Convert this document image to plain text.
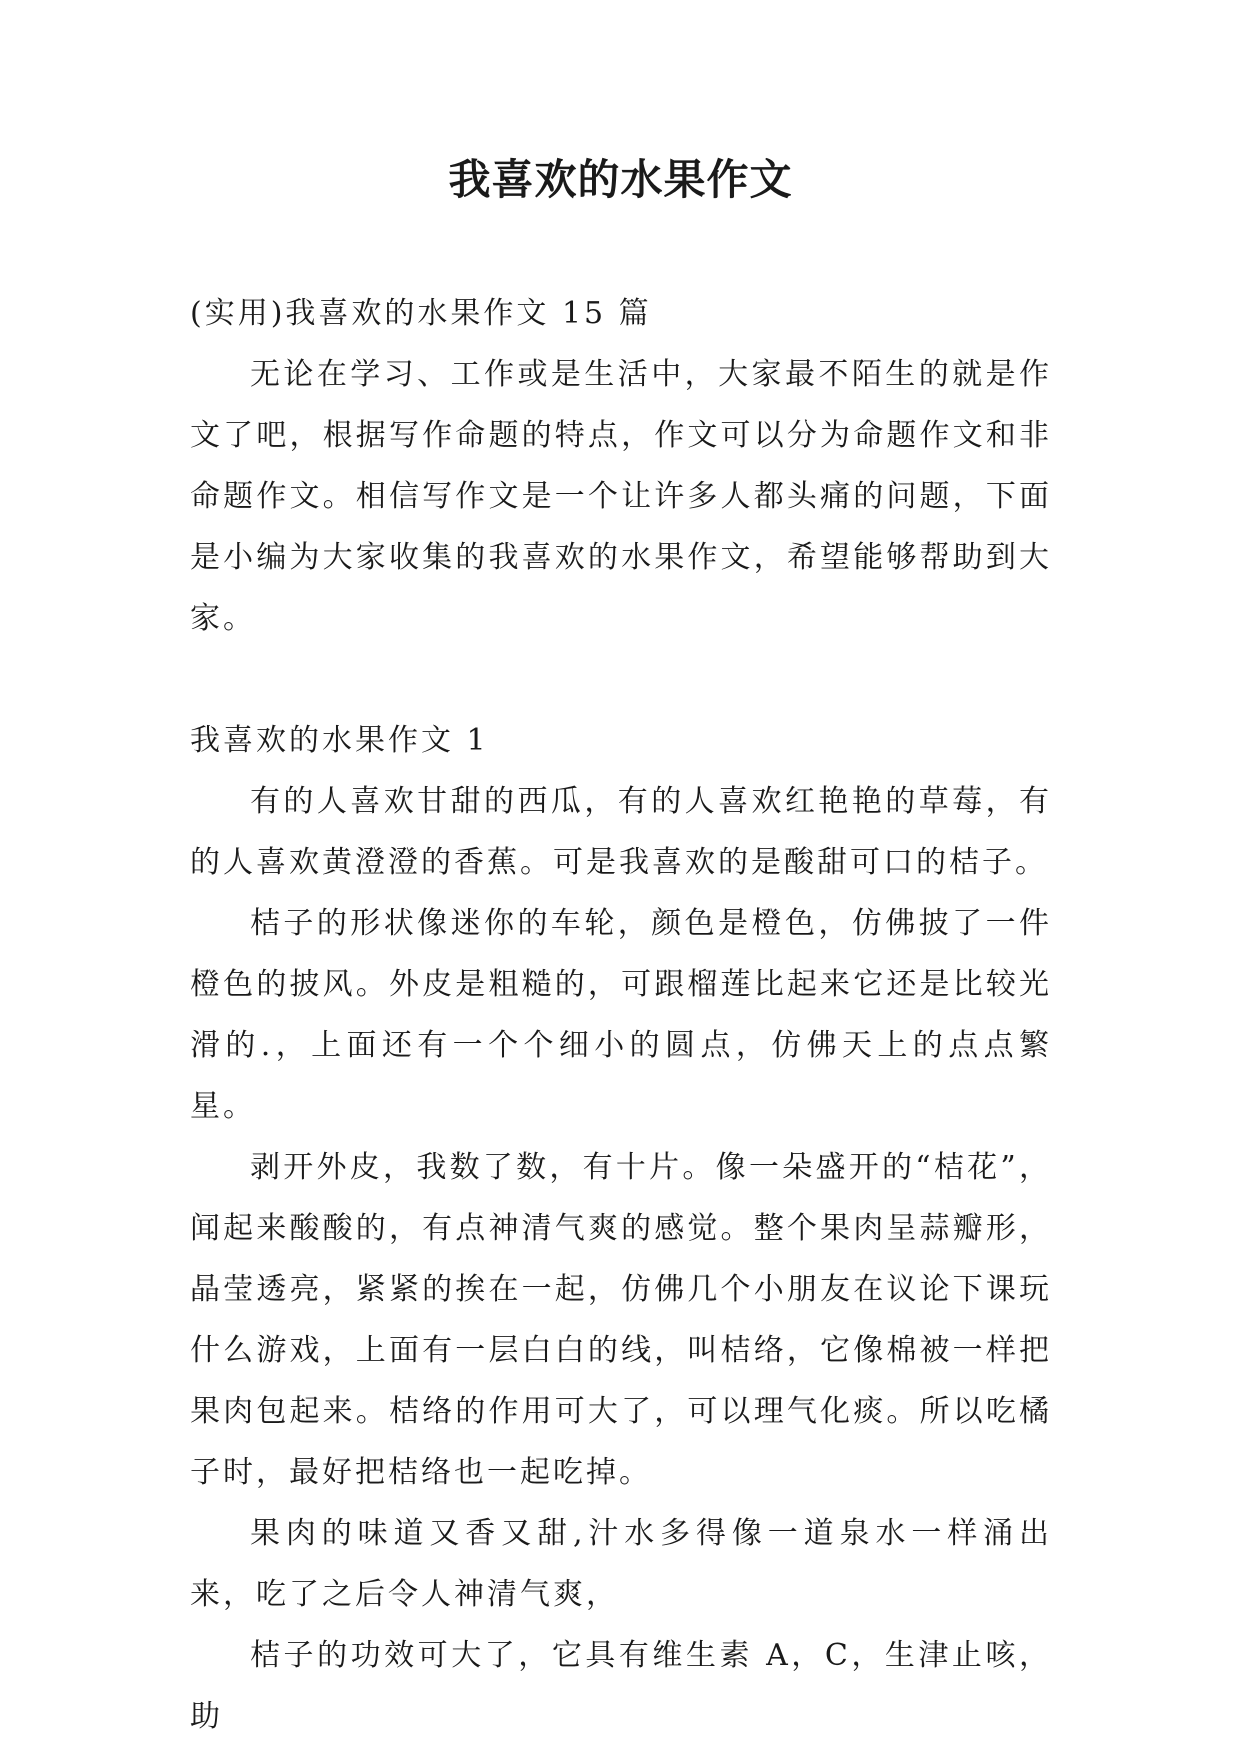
我喜欢的水果作文

(实用)我喜欢的水果作文 15 篇

无论在学习、工作或是生活中，大家最不陌生的就是作文了吧，根据写作命题的特点，作文可以分为命题作文和非命题作文。相信写作文是一个让许多人都头痛的问题，下面是小编为大家收集的我喜欢的水果作文，希望能够帮助到大家。

我喜欢的水果作文 1

有的人喜欢甘甜的西瓜，有的人喜欢红艳艳的草莓，有的人喜欢黄澄澄的香蕉。可是我喜欢的是酸甜可口的桔子。

桔子的形状像迷你的车轮，颜色是橙色，仿佛披了一件橙色的披风。外皮是粗糙的，可跟榴莲比起来它还是比较光滑的.，上面还有一个个细小的圆点，仿佛天上的点点繁星。

剥开外皮，我数了数，有十片。像一朵盛开的“桔花”，闻起来酸酸的，有点神清气爽的感觉。整个果肉呈蒜瓣形，晶莹透亮，紧紧的挨在一起，仿佛几个小朋友在议论下课玩什么游戏，上面有一层白白的线，叫桔络，它像棉被一样把果肉包起来。桔络的作用可大了，可以理气化痰。所以吃橘子时，最好把桔络也一起吃掉。

果肉的味道又香又甜,汁水多得像一道泉水一样涌出来，吃了之后令人神清气爽，

桔子的功效可大了，它具有维生素 A，C，生津止咳，助
